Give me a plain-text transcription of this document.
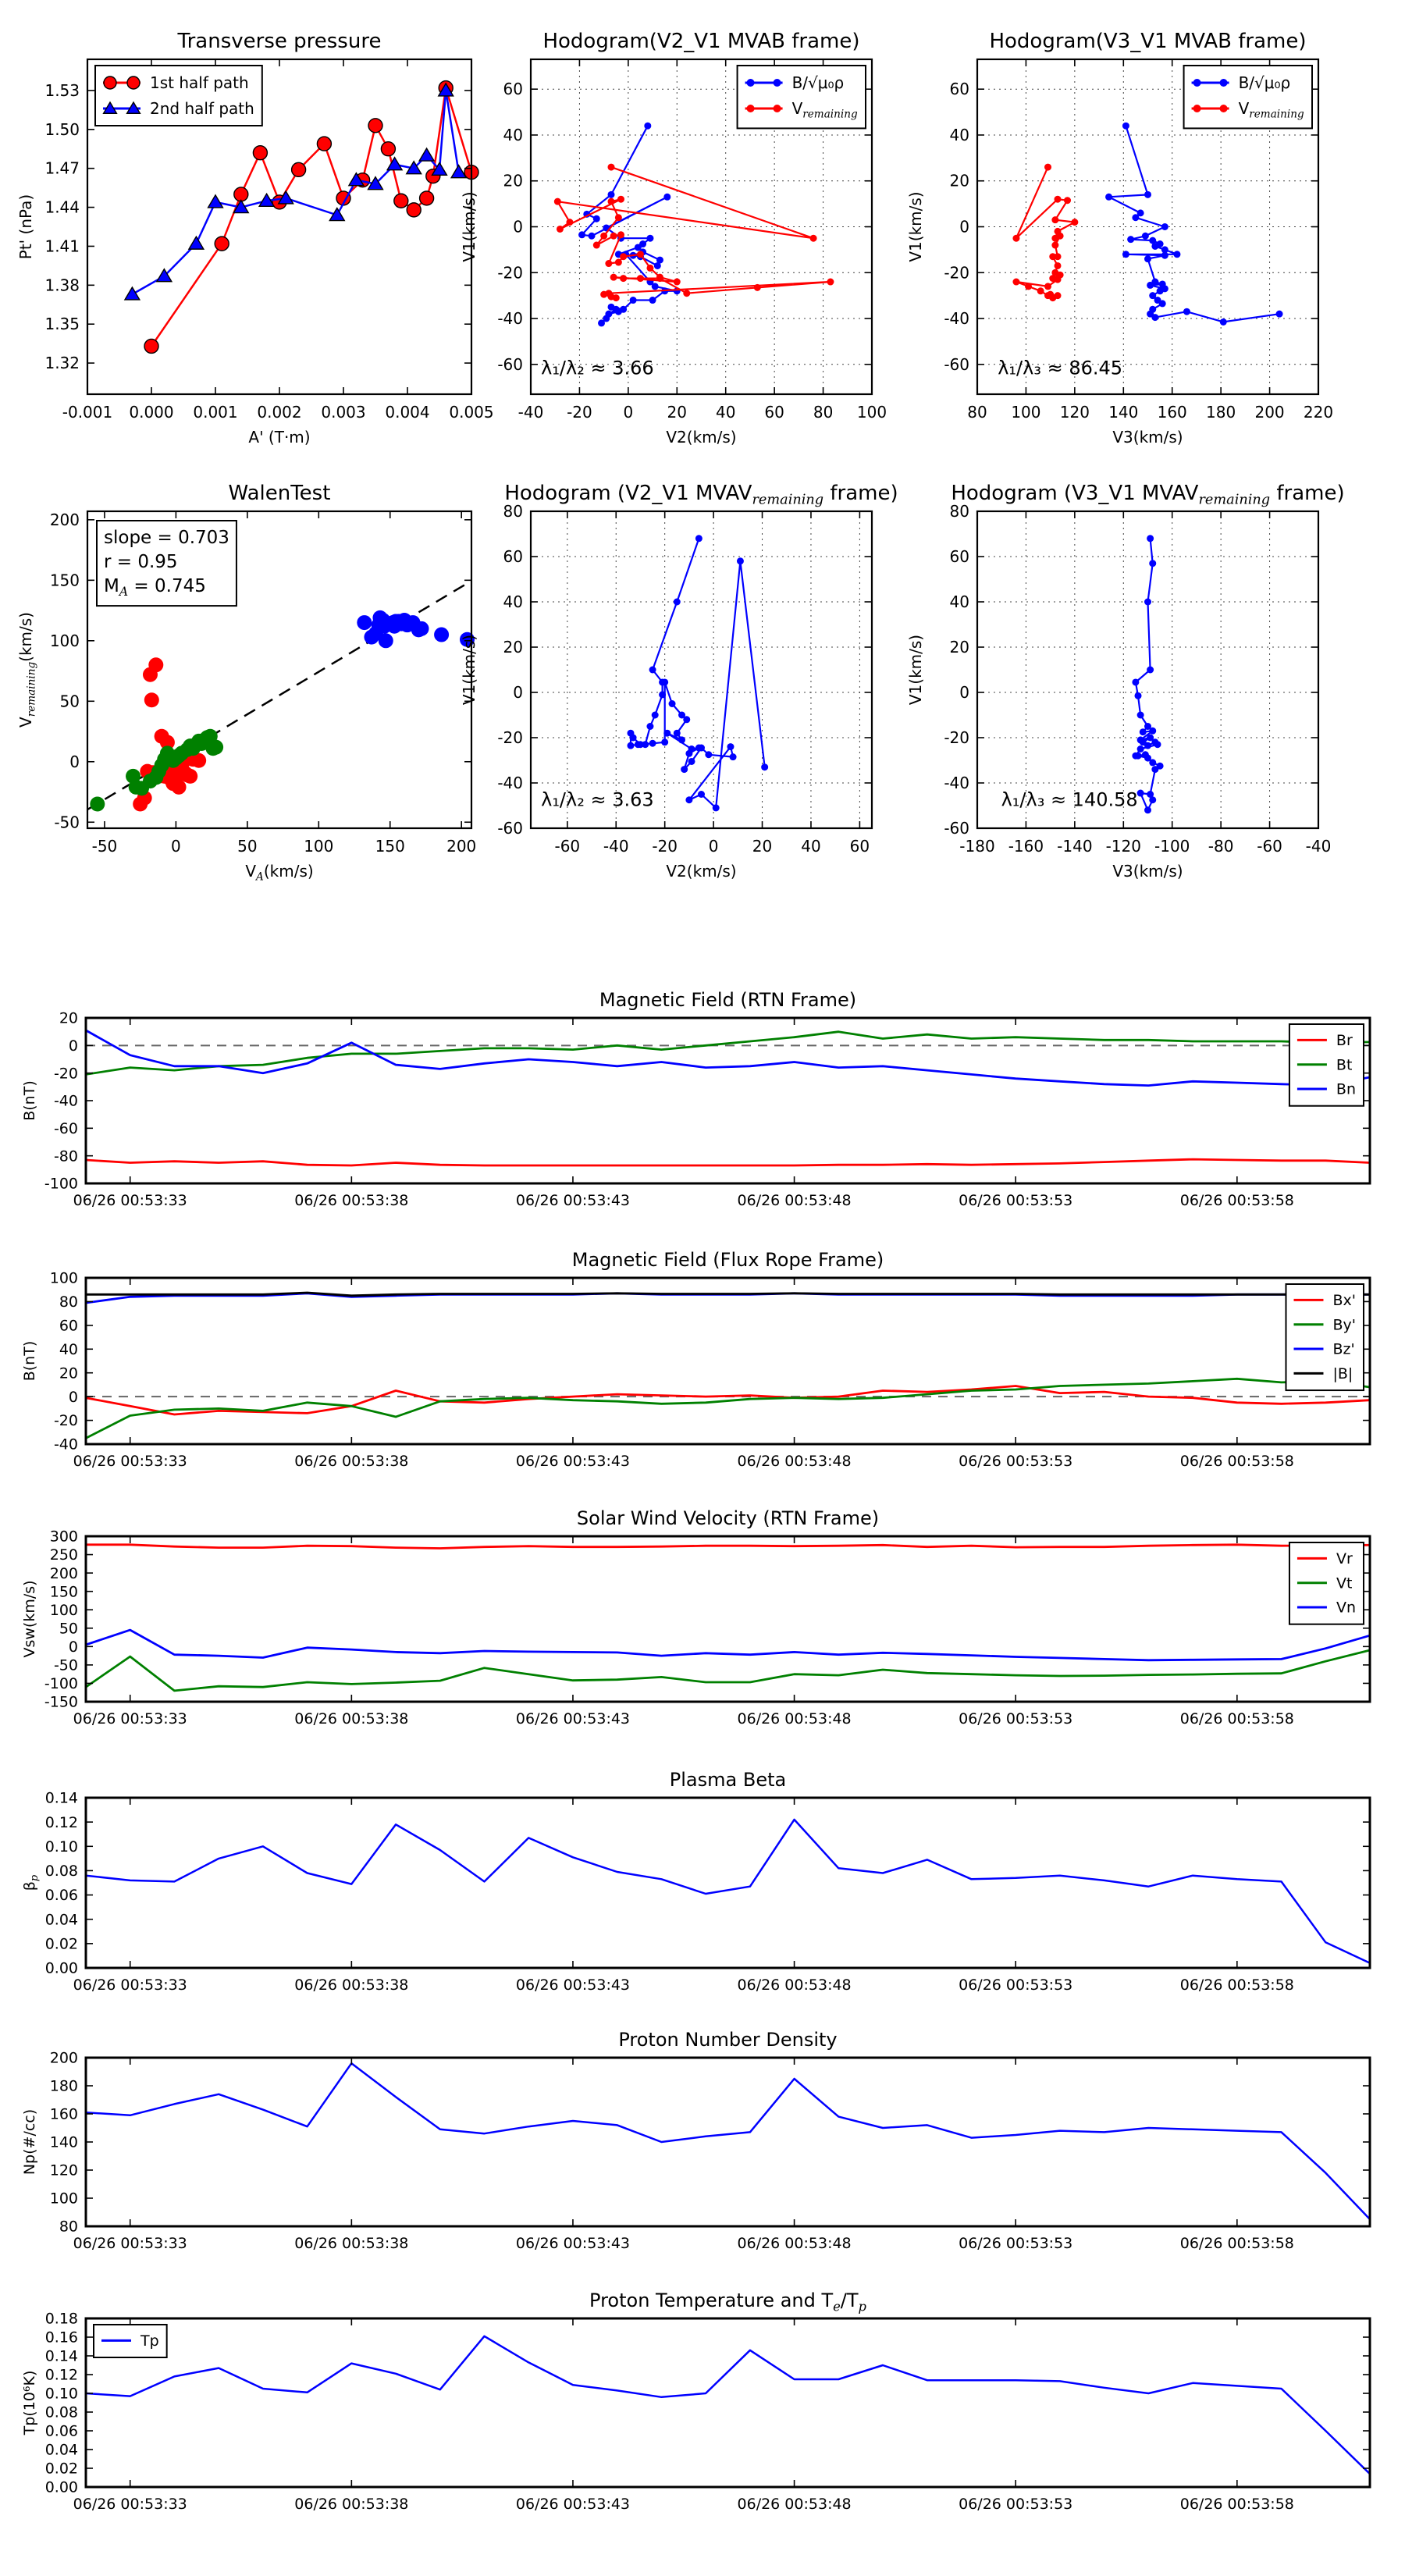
-0.001 0.000 0.001 0.002 0.003 0.004 0.005
1.32
1.35
1.38
1.41
1.44
1.47
1.50
1.53
Transverse pressure
A' (T·m)
Pt' (nPa)
1st half path
2nd half path
-40 -20 0 20 40 60 80 100
-60
-40
-20
0
20
40
60
Hodogram(V2_V1 MVAB frame)
V2(km/s)
V1(km/s)
λ₁/λ₂ ≈ 3.66
B/√μ₀ρ
$V_{remaining}$
80 100 120 140 160 180 200 220
-60
-40
-20
0
20
40
60
Hodogram(V3_V1 MVAB frame)
V3(km/s)
V1(km/s)
λ₁/λ₃ ≈ 86.45
B/√μ₀ρ
$V_{remaining}$
-50	0	50	100	150	200
-50
0
50
100
150
200
WalenTest
$V_A(km/s)$
$V_{remaining}(km/s)$
slope = 0.703
r = 0.95
$M_A = 0.745$
-60 -40 -20 0 20 40 60
-60
-40
-20
0
20
40
60
80
Hodogram (V2_V1 $MVAV_{remaining}$ frame)
V2(km/s)
V1(km/s)
λ₁/λ₂ ≈ 3.63
-180 -160 -140 -120 -100 -80 -60 -40
-60
-40
-20
0
20
40
60
80
Hodogram (V3_V1 $MVAV_{remaining}$ frame)
V3(km/s)
V1(km/s)
λ₁/λ₃ ≈ 140.58
06/26 00:53:33	06/26 00:53:38	06/26 00:53:43	06/26 00:53:48	06/26 00:53:53	06/26 00:53:58
-100
-80
-60
-40
-20
0
20
Magnetic Field (RTN Frame)
B(nT)
Br
Bt
Bn
06/26 00:53:33	06/26 00:53:38	06/26 00:53:43	06/26 00:53:48	06/26 00:53:53	06/26 00:53:58
-40
-20
0
20
40
60
80
100
Magnetic Field (Flux Rope Frame)
B(nT)
Bx'
By'
Bz'
|B|
06/26 00:53:33	06/26 00:53:38	06/26 00:53:43	06/26 00:53:48	06/26 00:53:53	06/26 00:53:58
-150
-100
-50
0
50
100
150
200
250
300
Solar Wind Velocity (RTN Frame)
Vsw(km/s)
Vr
Vt
Vn
06/26 00:53:33	06/26 00:53:38	06/26 00:53:43	06/26 00:53:48	06/26 00:53:53	06/26 00:53:58
0.00
0.02
0.04
0.06
0.08
0.10
0.12
0.14
Plasma Beta
$\beta_p$
06/26 00:53:33	06/26 00:53:38	06/26 00:53:43	06/26 00:53:48	06/26 00:53:53	06/26 00:53:58
80
100
120
140
160
180
200
Proton Number Density
Np(#/cc)
06/26 00:53:33	06/26 00:53:38	06/26 00:53:43	06/26 00:53:48	06/26 00:53:53	06/26 00:53:58
0.00
0.02
0.04
0.06
0.08
0.10
0.12
0.14
0.16
0.18
Proton Temperature and $T_e/T_p$
Tp(10⁶K)
Tp
